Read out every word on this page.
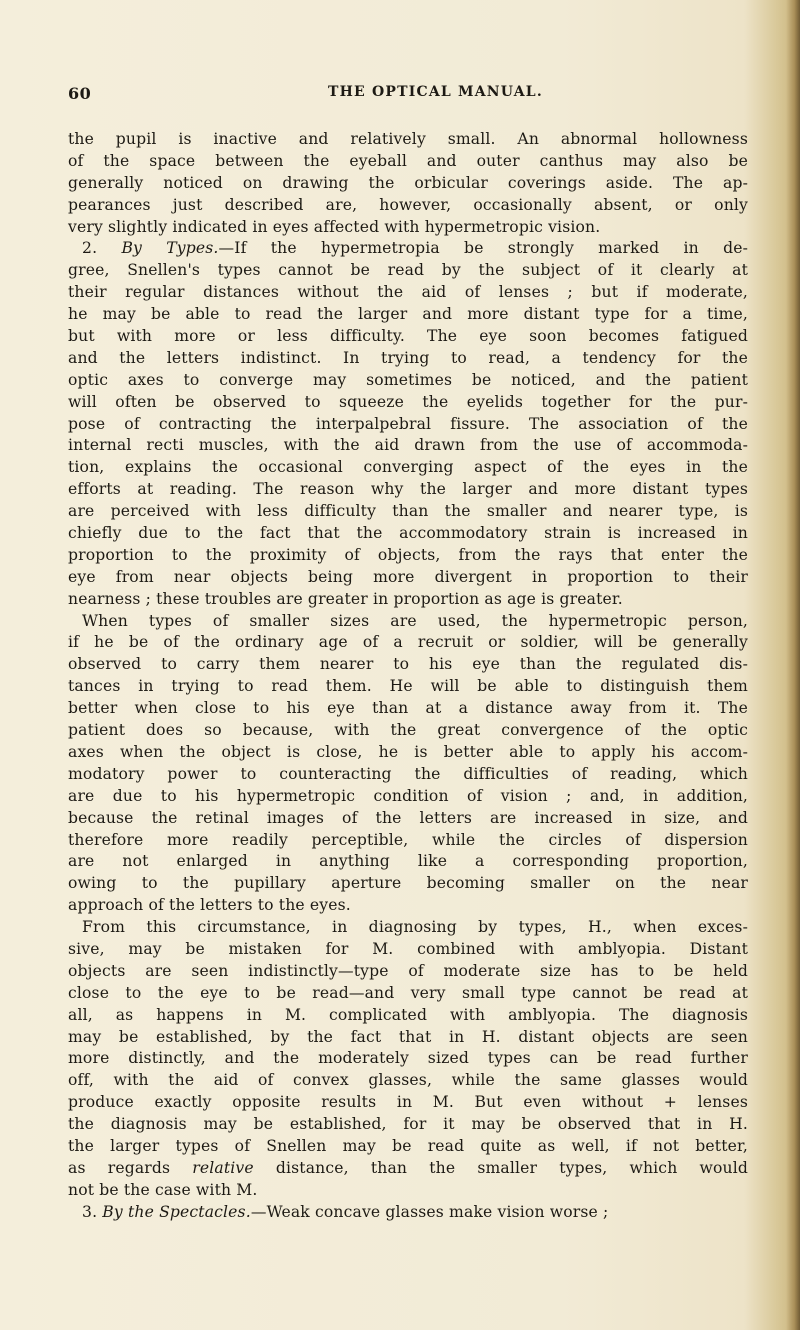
60	THE OPTICAL MANUAL.
the pupil is inactive and relatively small. An abnormal hollowness
of the space between the eyeball and outer canthus may also be
generally noticed on drawing the orbicular coverings aside. The ap-
pearances just described are, however, occasionally absent, or only
very slightly indicated in eyes affected with hypermetropic vision.
2. By Types.—If the hypermetropia be strongly marked in de-
gree, Snellen's types cannot be read by the subject of it clearly at
their regular distances without the aid of lenses ; but if moderate,
he may be able to read the larger and more distant type for a time,
but with more or less difficulty. The eye soon becomes fatigued
and the letters indistinct. In trying to read, a tendency for the
optic axes to converge may sometimes be noticed, and the patient
will often be observed to squeeze the eyelids together for the pur-
pose of contracting the interpalpebral fissure. The association of the
internal recti muscles, with the aid drawn from the use of accommoda-
tion, explains the occasional converging aspect of the eyes in the
efforts at reading. The reason why the larger and more distant types
are perceived with less difficulty than the smaller and nearer type, is
chiefly due to the fact that the accommodatory strain is increased in
proportion to the proximity of objects, from the rays that enter the
eye from near objects being more divergent in proportion to their
nearness ; these troubles are greater in proportion as age is greater.
When types of smaller sizes are used, the hypermetropic person,
if he be of the ordinary age of a recruit or soldier, will be generally
observed to carry them nearer to his eye than the regulated dis-
tances in trying to read them. He will be able to distinguish them
better when close to his eye than at a distance away from it. The
patient does so because, with the great convergence of the optic
axes when the object is close, he is better able to apply his accom-
modatory power to counteracting the difficulties of reading, which
are due to his hypermetropic condition of vision ; and, in addition,
because the retinal images of the letters are increased in size, and
therefore more readily perceptible, while the circles of dispersion
are not enlarged in anything like a corresponding proportion,
owing to the pupillary aperture becoming smaller on the near
approach of the letters to the eyes.
From this circumstance, in diagnosing by types, H., when exces-
sive, may be mistaken for M. combined with amblyopia. Distant
objects are seen indistinctly—type of moderate size has to be held
close to the eye to be read—and very small type cannot be read at
all, as happens in M. complicated with amblyopia. The diagnosis
may be established, by the fact that in H. distant objects are seen
more distinctly, and the moderately sized types can be read further
off, with the aid of convex glasses, while the same glasses would
produce exactly opposite results in M. But even without + lenses
the diagnosis may be established, for it may be observed that in H.
the larger types of Snellen may be read quite as well, if not better,
as regards relative distance, than the smaller types, which would
not be the case with M.
3. By the Spectacles.—Weak concave glasses make vision worse ;
